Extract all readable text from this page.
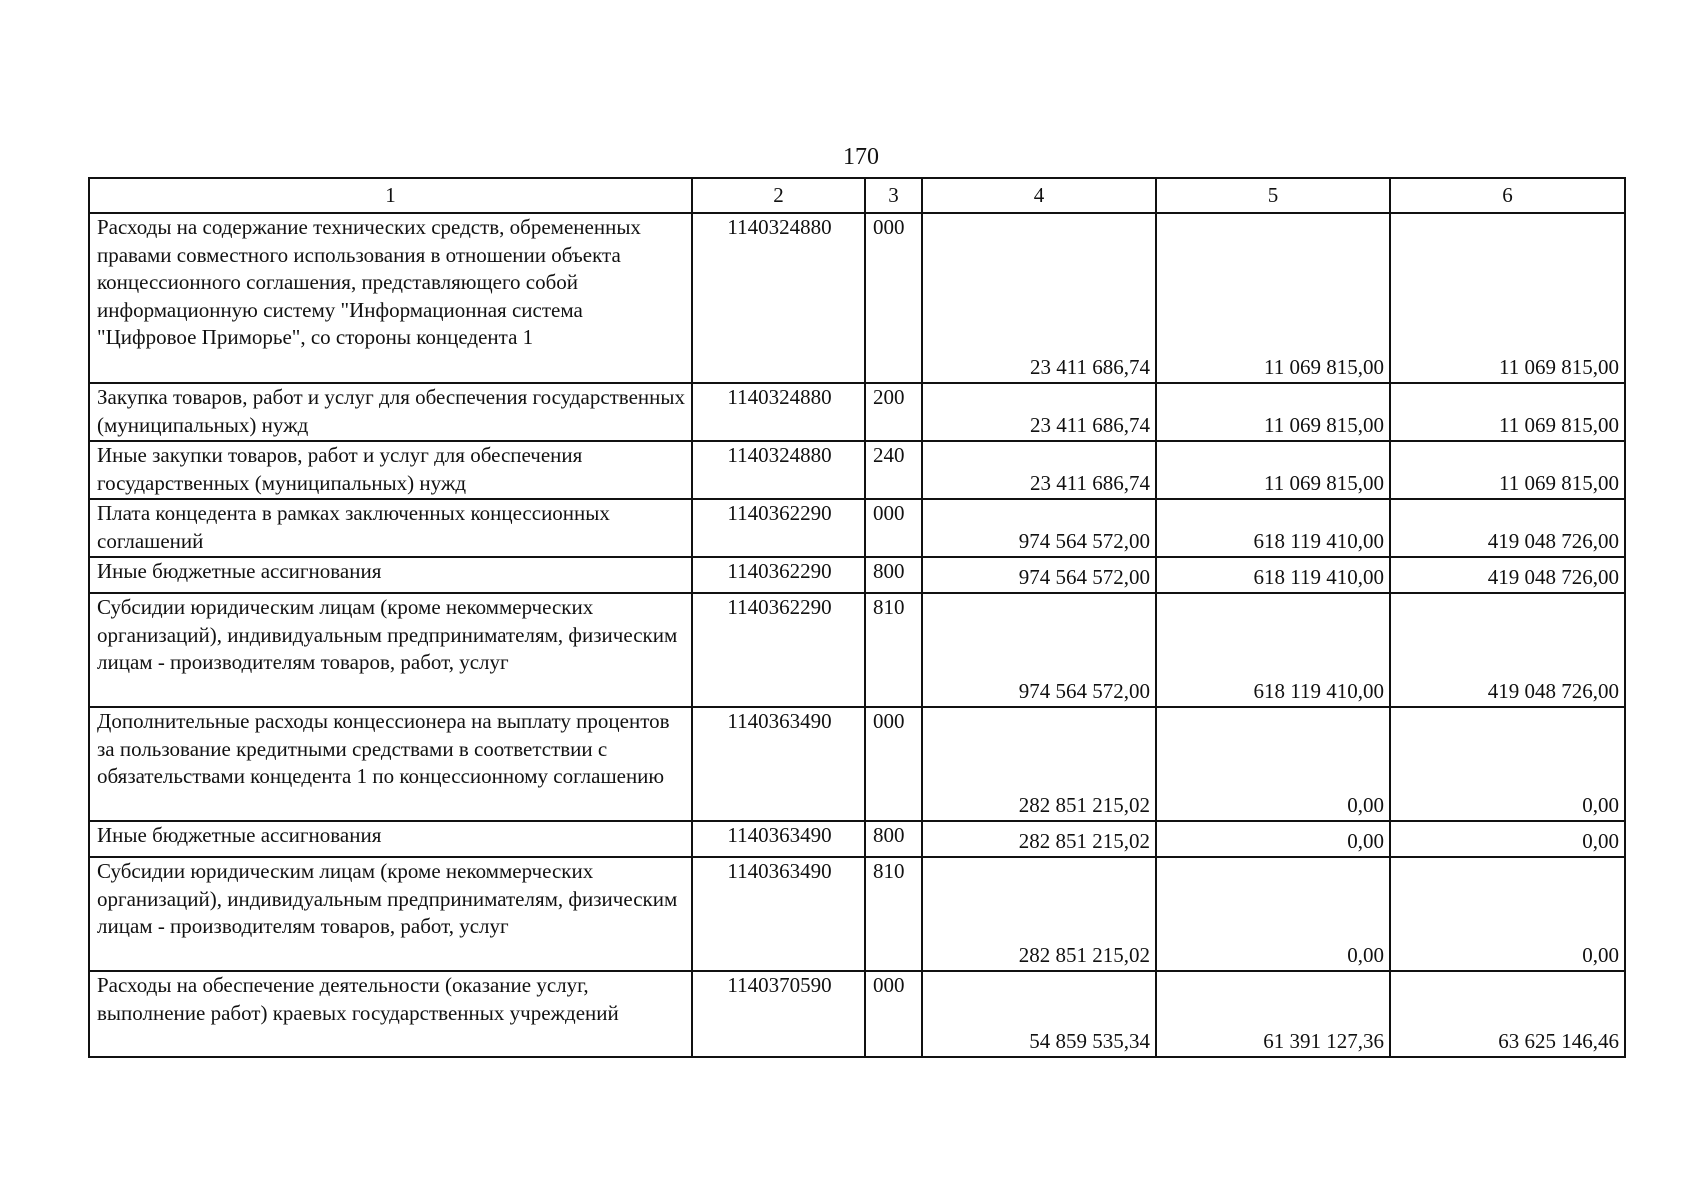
170
1	2	3	4	5	6
Расходы на содержание технических средств, обремененных правами совместного использования в отношении объекта концессионного соглашения, представляющего собой информационную систему "Информационная система "Цифровое Приморье", со стороны концедента 1	1140324880	000	23 411 686,74	11 069 815,00	11 069 815,00
Закупка товаров, работ и услуг для обеспечения государственных (муниципальных) нужд	1140324880	200	23 411 686,74	11 069 815,00	11 069 815,00
Иные закупки товаров, работ и услуг для обеспечения государственных (муниципальных) нужд	1140324880	240	23 411 686,74	11 069 815,00	11 069 815,00
Плата концедента в рамках заключенных концессионных соглашений	1140362290	000	974 564 572,00	618 119 410,00	419 048 726,00
Иные бюджетные ассигнования	1140362290	800	974 564 572,00	618 119 410,00	419 048 726,00
Субсидии юридическим лицам (кроме некоммерческих организаций), индивидуальным предпринимателям, физическим лицам - производителям товаров, работ, услуг	1140362290	810	974 564 572,00	618 119 410,00	419 048 726,00
Дополнительные расходы концессионера на выплату процентов за пользование кредитными средствами в соответствии с обязательствами концедента 1 по концессионному соглашению	1140363490	000	282 851 215,02	0,00	0,00
Иные бюджетные ассигнования	1140363490	800	282 851 215,02	0,00	0,00
Субсидии юридическим лицам (кроме некоммерческих организаций), индивидуальным предпринимателям, физическим лицам - производителям товаров, работ, услуг	1140363490	810	282 851 215,02	0,00	0,00
Расходы на обеспечение деятельности (оказание услуг, выполнение работ) краевых государственных учреждений	1140370590	000	54 859 535,34	61 391 127,36	63 625 146,46
